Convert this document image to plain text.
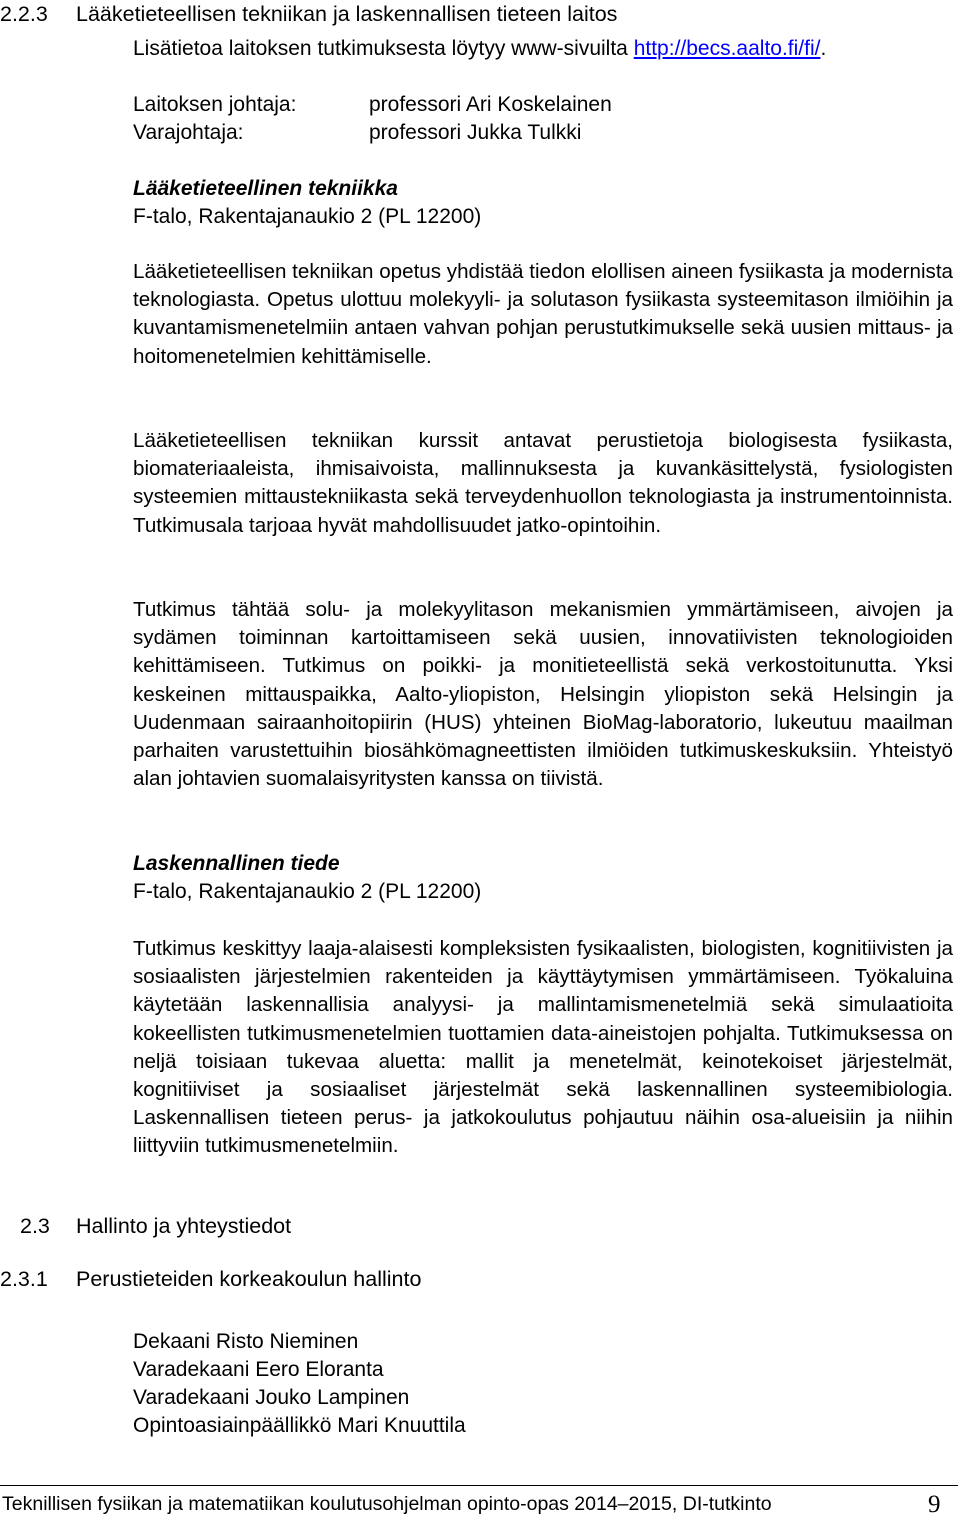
2.2.3 Lääketieteellisen tekniikan ja laskennallisen tieteen laitos
Lisätietoa laitoksen tutkimuksesta löytyy www-sivuilta http://becs.aalto.fi/fi/.
Laitoksen johtaja:	professori Ari Koskelainen
Varajohtaja:	professori Jukka Tulkki
Lääketieteellinen tekniikka
F-talo, Rakentajanaukio 2 (PL 12200)
Lääketieteellisen tekniikan opetus yhdistää tiedon elollisen aineen fysiikasta ja modernista teknologiasta. Opetus ulottuu molekyyli- ja solutason fysiikasta systeemitason ilmiöihin ja kuvantamismenetelmiin antaen vahvan pohjan perustutkimukselle sekä uusien mittaus- ja hoitomenetelmien kehittämiselle.
Lääketieteellisen tekniikan kurssit antavat perustietoja biologisesta fysiikasta, biomateriaaleista, ihmisaivoista, mallinnuksesta ja kuvankäsittelystä, fysiologisten systeemien mittaustekniikasta sekä terveydenhuollon teknologiasta ja instrumentoinnista. Tutkimusala tarjoaa hyvät mahdollisuudet jatko-opintoihin.
Tutkimus tähtää solu- ja molekyylitason mekanismien ymmärtämiseen, aivojen ja sydämen toiminnan kartoittamiseen sekä uusien, innovatiivisten teknologioiden kehittämiseen. Tutkimus on poikki- ja monitieteellistä sekä verkostoitunutta. Yksi keskeinen mittauspaikka, Aalto-yliopiston, Helsingin yliopiston sekä Helsingin ja Uudenmaan sairaanhoitopiirin (HUS) yhteinen BioMag-laboratorio, lukeutuu maailman parhaiten varustettuihin biosähkömagneettisten ilmiöiden tutkimuskeskuksiin. Yhteistyö alan johtavien suomalaisyritysten kanssa on tiivistä.
Laskennallinen tiede
F-talo, Rakentajanaukio 2 (PL 12200)
Tutkimus keskittyy laaja-alaisesti kompleksisten fysikaalisten, biologisten, kognitiivisten ja sosiaalisten järjestelmien rakenteiden ja käyttäytymisen ymmärtämiseen. Työkaluina käytetään laskennallisia analyysi- ja mallintamismenetelmiä sekä simulaatioita kokeellisten tutkimusmenetelmien tuottamien data-aineistojen pohjalta. Tutkimuksessa on neljä toisiaan tukevaa aluetta: mallit ja menetelmät, keinotekoiset järjestelmät, kognitiiviset ja sosiaaliset järjestelmät sekä laskennallinen systeemibiologia. Laskennallisen tieteen perus- ja jatkokoulutus pohjautuu näihin osa-alueisiin ja niihin liittyviin tutkimusmenetelmiin.
2.3 Hallinto ja yhteystiedot
2.3.1 Perustieteiden korkeakoulun hallinto
Dekaani Risto Nieminen
Varadekaani Eero Eloranta
Varadekaani Jouko Lampinen
Opintoasiainpäällikkö Mari Knuuttila
Teknillisen fysiikan ja matematiikan koulutusohjelman opinto-opas 2014–2015, DI-tutkinto	9
